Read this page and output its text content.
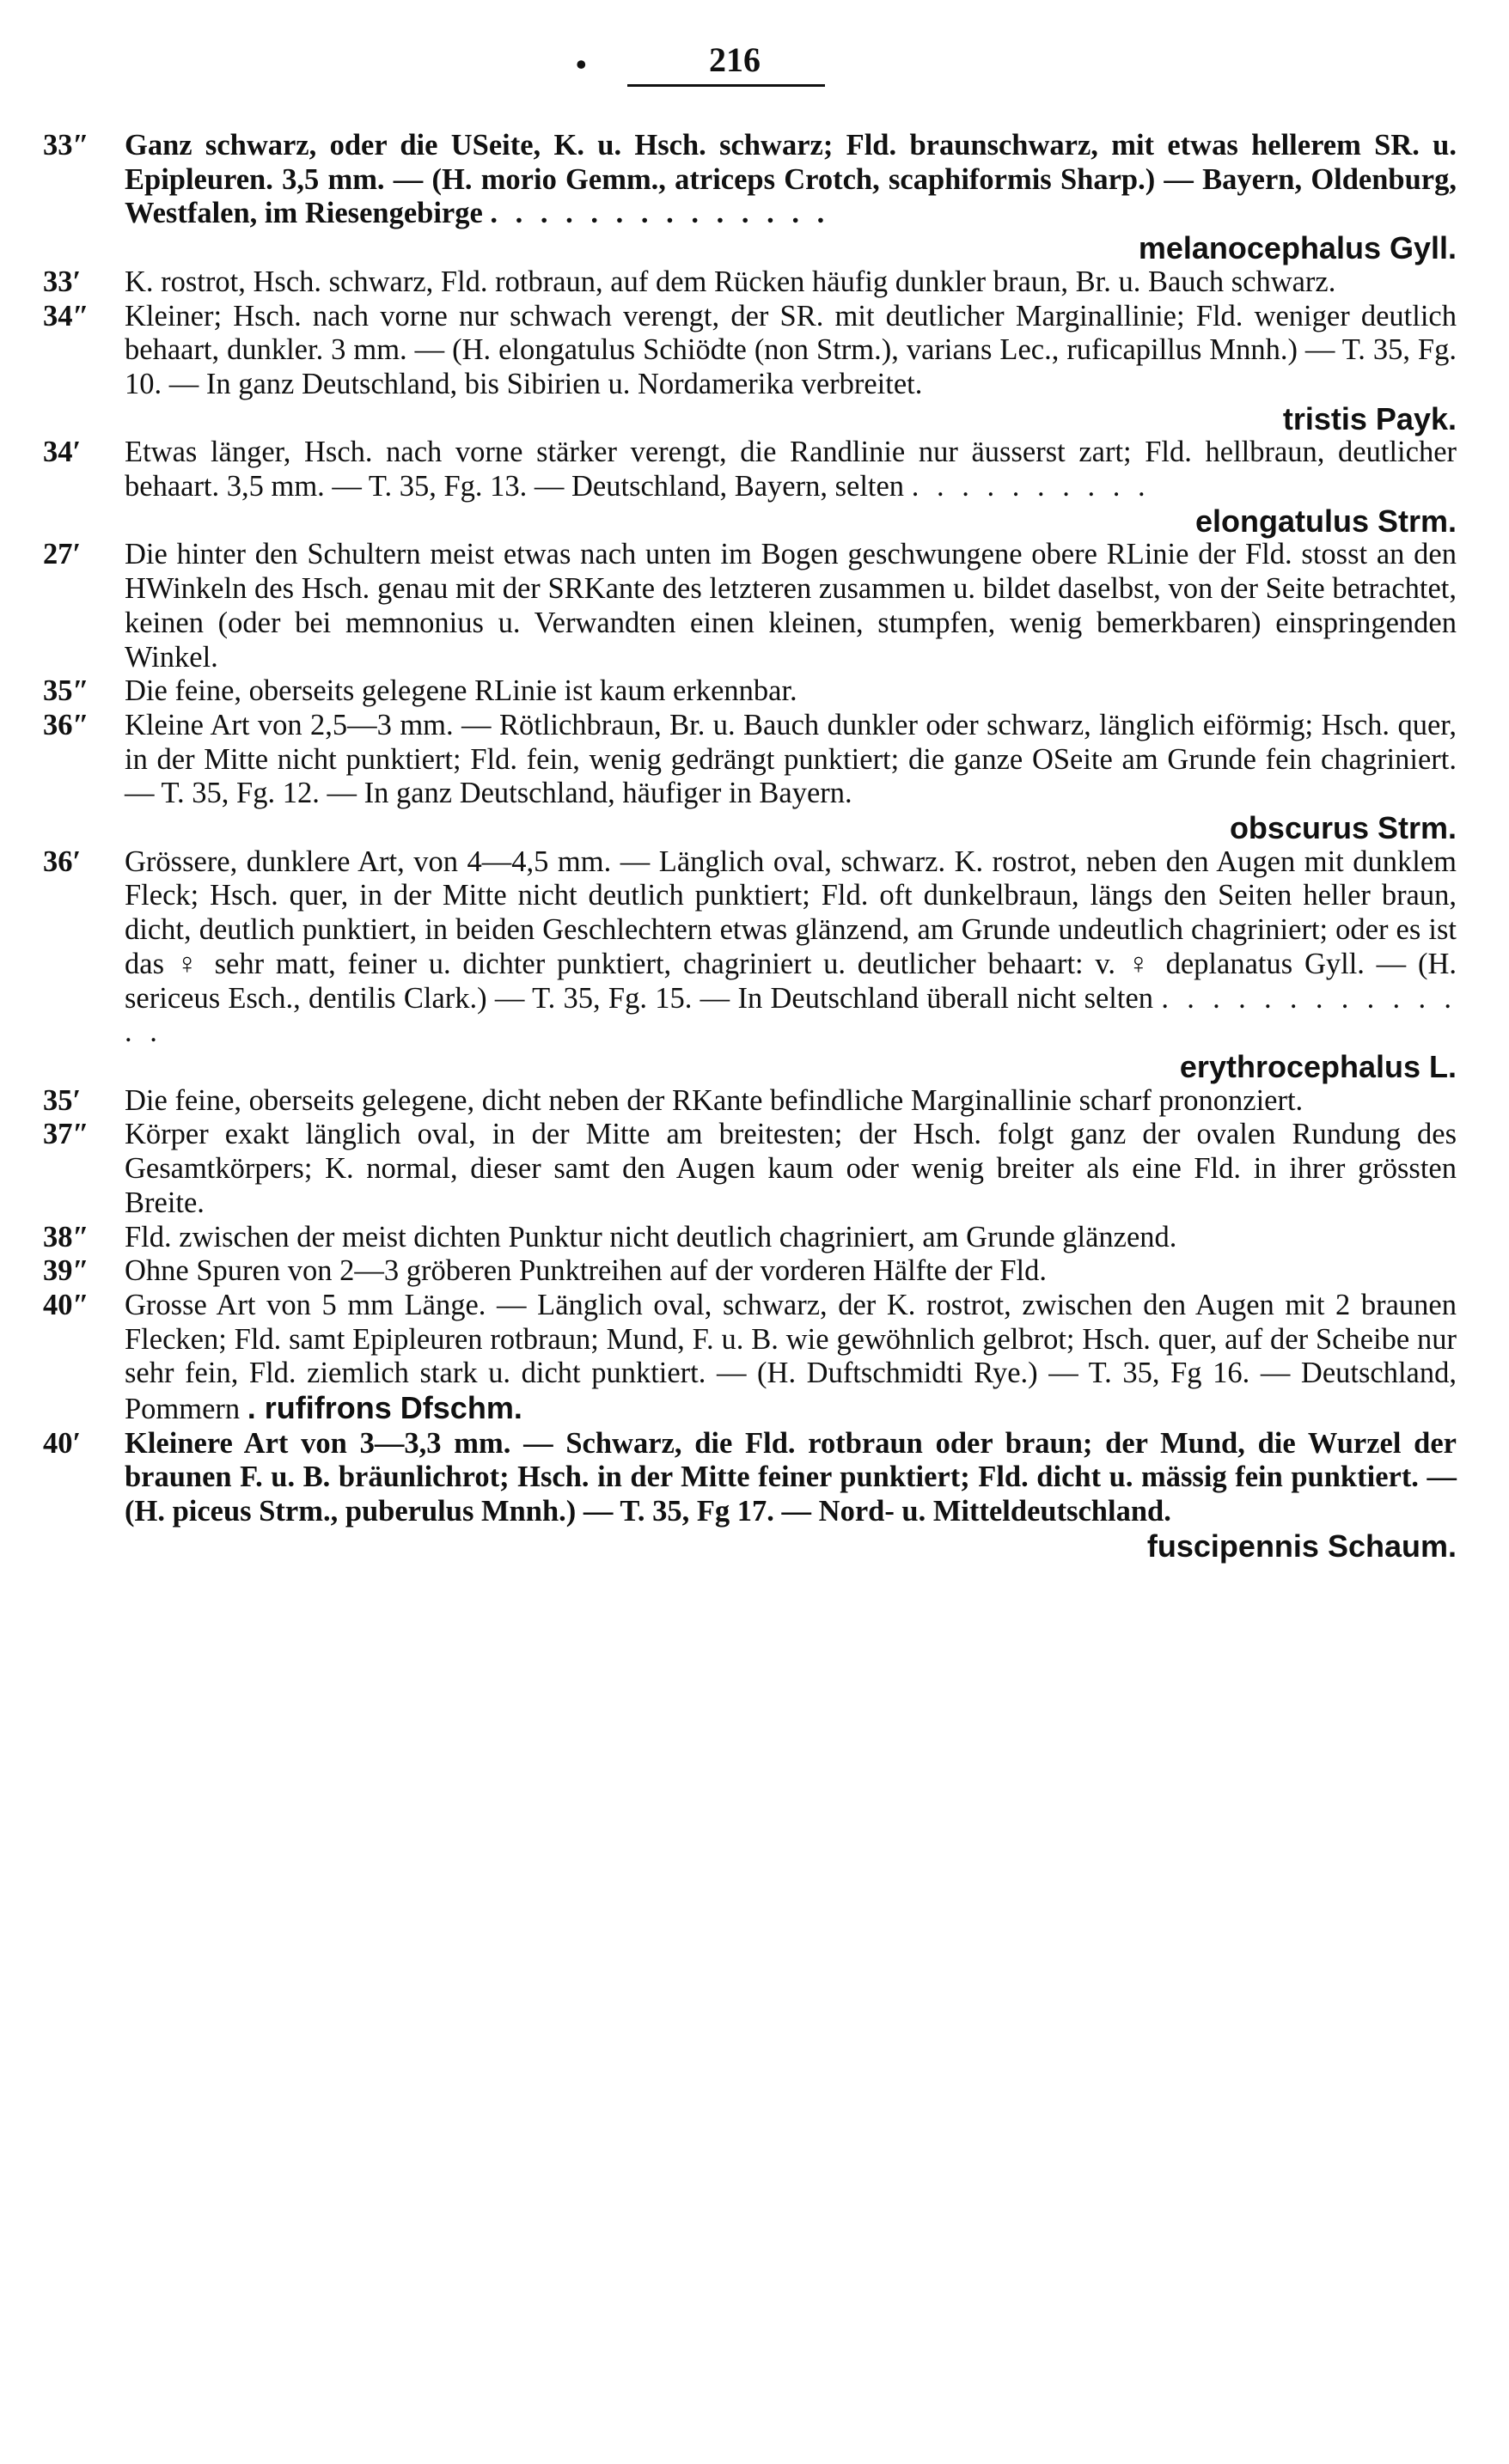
•	216
33″	Ganz schwarz, oder die USeite, K. u. Hsch. schwarz; Fld. braunschwarz, mit etwas hellerem SR. u. Epipleuren. 3,5 mm. — (H. morio Gemm., atriceps Crotch, scaphiformis Sharp.) — Bayern, Oldenburg, Westfalen, im Riesengebirge . . . . . . . . . . . . . .

melanocephalus Gyll.

33′	K. rostrot, Hsch. schwarz, Fld. rotbraun, auf dem Rücken häufig dunkler braun, Br. u. Bauch schwarz.

34″	Kleiner; Hsch. nach vorne nur schwach verengt, der SR. mit deutlicher Marginallinie; Fld. weniger deutlich behaart, dunkler. 3 mm. — (H. elongatulus Schiödte (non Strm.), varians Lec., ruficapillus Mnnh.) — T. 35, Fg. 10. — In ganz Deutschland, bis Sibirien u. Nordamerika verbreitet.

tristis Payk.

34′	Etwas länger, Hsch. nach vorne stärker verengt, die Randlinie nur äusserst zart; Fld. hellbraun, deutlicher behaart. 3,5 mm. — T. 35, Fg. 13. — Deutschland, Bayern, selten . . . . . . . . . .

elongatulus Strm.

27′	Die hinter den Schultern meist etwas nach unten im Bogen geschwungene obere RLinie der Fld. stosst an den HWinkeln des Hsch. genau mit der SRKante des letzteren zusammen u. bildet daselbst, von der Seite betrachtet, keinen (oder bei memnonius u. Verwandten einen kleinen, stumpfen, wenig bemerkbaren) einspringenden Winkel.

35″	Die feine, oberseits gelegene RLinie ist kaum erkennbar.

36″	Kleine Art von 2,5—3 mm. — Rötlichbraun, Br. u. Bauch dunkler oder schwarz, länglich eiförmig; Hsch. quer, in der Mitte nicht punktiert; Fld. fein, wenig gedrängt punktiert; die ganze OSeite am Grunde fein chagriniert. — T. 35, Fg. 12. — In ganz Deutschland, häufiger in Bayern.

obscurus Strm.

36′	Grössere, dunklere Art, von 4—4,5 mm. — Länglich oval, schwarz. K. rostrot, neben den Augen mit dunklem Fleck; Hsch. quer, in der Mitte nicht deutlich punktiert; Fld. oft dunkelbraun, längs den Seiten heller braun, dicht, deutlich punktiert, in beiden Geschlechtern etwas glänzend, am Grunde undeutlich chagriniert; oder es ist das ♀ sehr matt, feiner u. dichter punktiert, chagriniert u. deutlicher behaart: v. ♀ deplanatus Gyll. — (H. sericeus Esch., dentilis Clark.) — T. 35, Fg. 15. — In Deutschland überall nicht selten . . . . . . . . . . . . . .

erythrocephalus L.

35′	Die feine, oberseits gelegene, dicht neben der RKante befindliche Marginallinie scharf prononziert.

37″	Körper exakt länglich oval, in der Mitte am breitesten; der Hsch. folgt ganz der ovalen Rundung des Gesamtkörpers; K. normal, dieser samt den Augen kaum oder wenig breiter als eine Fld. in ihrer grössten Breite.

38″	Fld. zwischen der meist dichten Punktur nicht deutlich chagriniert, am Grunde glänzend.

39″	Ohne Spuren von 2—3 gröberen Punktreihen auf der vorderen Hälfte der Fld.

40″	Grosse Art von 5 mm Länge. — Länglich oval, schwarz, der K. rostrot, zwischen den Augen mit 2 braunen Flecken; Fld. samt Epipleuren rotbraun; Mund, F. u. B. wie gewöhnlich gelbrot; Hsch. quer, auf der Scheibe nur sehr fein, Fld. ziemlich stark u. dicht punktiert. — (H. Duftschmidti Rye.) — T. 35, Fg 16. — Deutschland, Pommern . rufifrons Dfschm.

40′	Kleinere Art von 3—3,3 mm. — Schwarz, die Fld. rotbraun oder braun; der Mund, die Wurzel der braunen F. u. B. bräunlichrot; Hsch. in der Mitte feiner punktiert; Fld. dicht u. mässig fein punktiert. — (H. piceus Strm., puberulus Mnnh.) — T. 35, Fg 17. — Nord- u. Mitteldeutschland.

fuscipennis Schaum.
